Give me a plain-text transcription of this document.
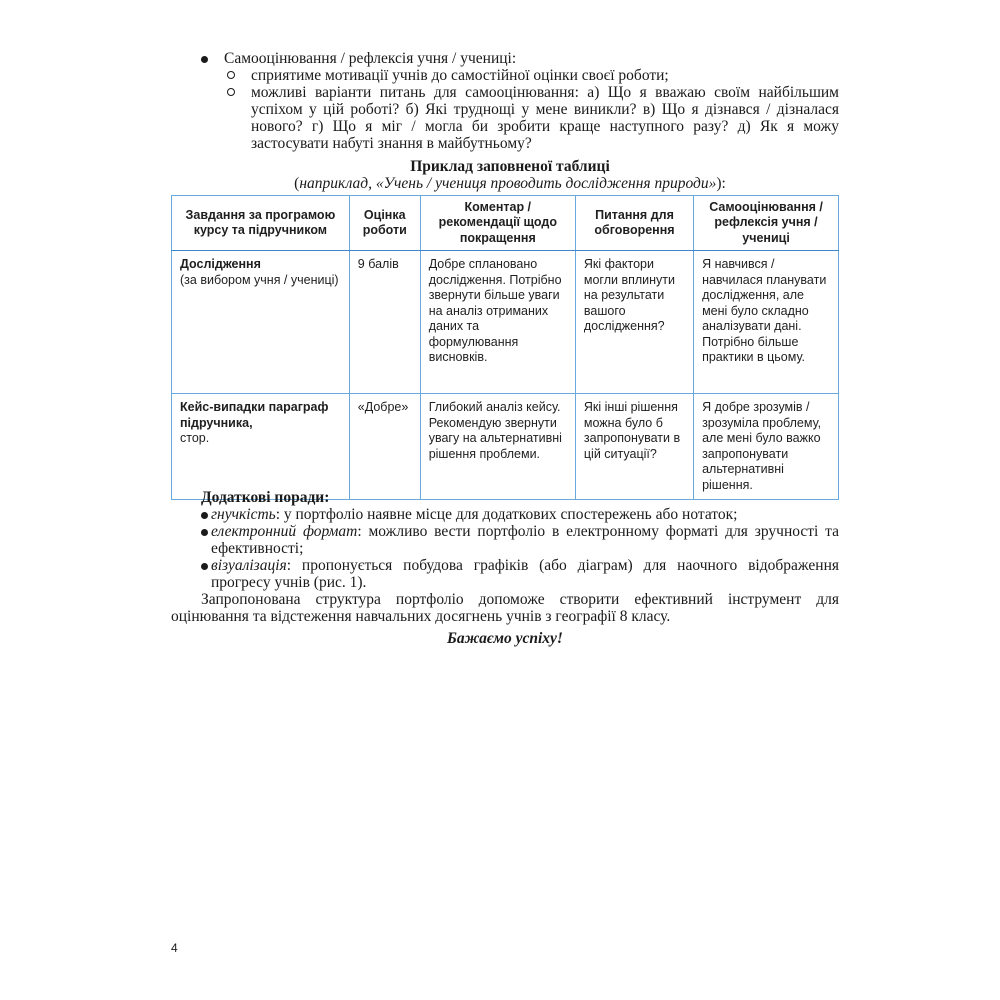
Самооцінювання / рефлексія учня / учениці:
сприятиме мотивації учнів до самостійної оцінки своєї роботи;
можливі варіанти питань для самооцінювання: а) Що я вважаю своїм найбільшим успіхом у цій роботі? б) Які труднощі у мене виникли? в) Що я дізнався / дізналася нового? г) Що я міг / могла би зробити краще наступного разу? д) Як я можу застосувати набуті знання в майбутньому?
Приклад заповненої таблиці
(наприклад, «Учень / учениця проводить дослідження природи»):
Завдання за програмою курсу та підручником	Оцінка роботи	Коментар / рекомендації щодо покращення	Питання для обговорення	Самооцінювання / рефлексія учня / учениці

Дослідження
(за вибором учня / учениці)	9 балів	Добре сплановано дослідження. Потрібно звернути більше уваги на аналіз отриманих даних та формулювання висновків.	Які фактори могли вплинути на результати вашого дослідження?	Я навчився / навчилася планувати дослідження, але мені було складно аналізувати дані. Потрібно більше практики в цьому.

Кейс-випадки параграф підручника,
стор.	«Добре»	Глибокий аналіз кейсу. Рекомендую звернути увагу на альтернативні рішення проблеми.	Які інші рішення можна було б запропонувати в цій ситуації?	Я добре зрозумів / зрозуміла проблему, але мені було важко запропонувати альтернативні рішення.
Додаткові поради:
гнучкість: у портфоліо наявне місце для додаткових спостережень або нотаток;
електронний формат: можливо вести портфоліо в електронному форматі для зручності та ефективності;
візуалізація: пропонується побудова графіків (або діаграм) для наочного відображення прогресу учнів (рис. 1).
Запропонована структура портфоліо допоможе створити ефективний інструмент для оцінювання та відстеження навчальних досягнень учнів з географії 8 класу.
Бажаємо успіху!
4
